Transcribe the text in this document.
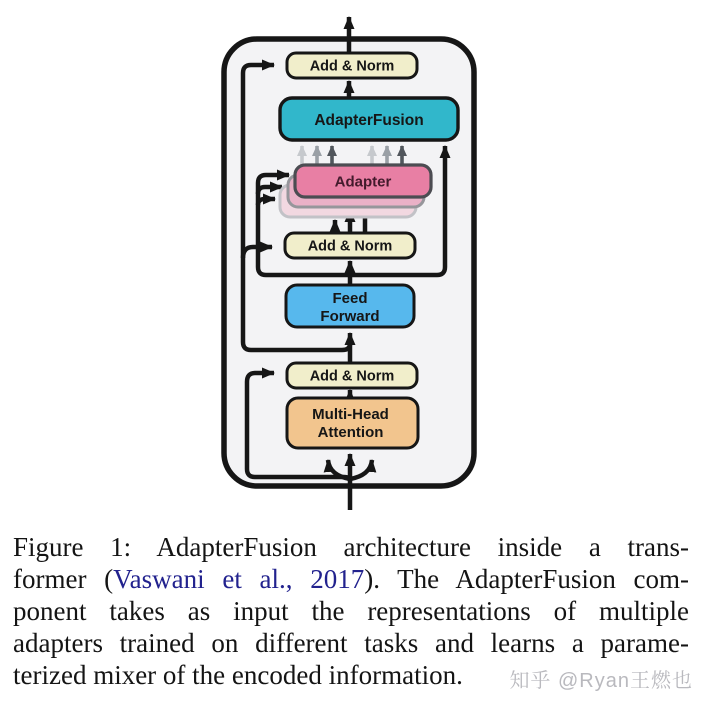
Add & Norm
AdapterFusion
Adapter
Add & Norm
Feed
Forward
Add & Norm
Multi-Head
Attention
Figure 1: AdapterFusion architecture inside a trans-
former (Vaswani et al., 2017). The AdapterFusion com-
ponent takes as input the representations of multiple
adapters trained on different tasks and learns a parame-
terized mixer of the encoded information.	知乎 @Ryan王燃也
